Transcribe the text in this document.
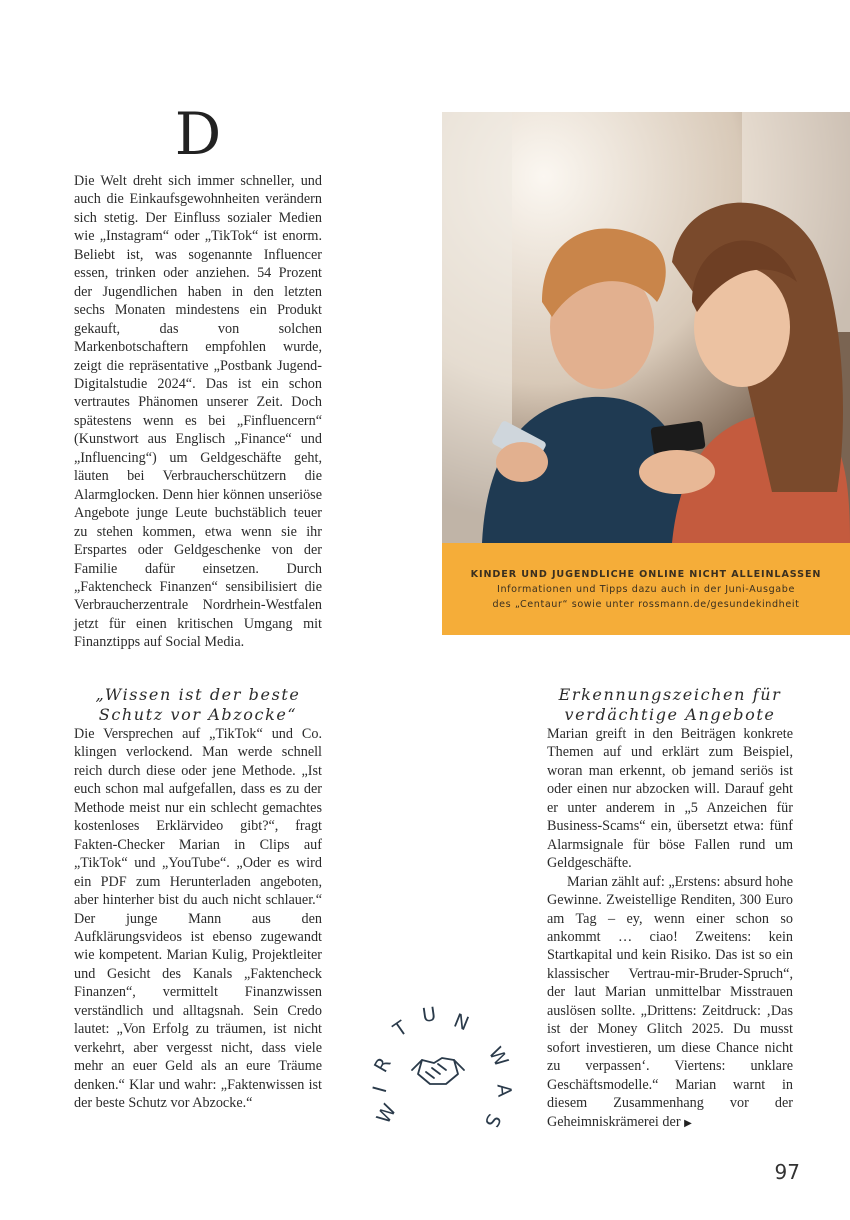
D

Die Welt dreht sich immer schneller, und auch die Einkaufsgewohnheiten verändern sich stetig. Der Einfluss sozialer Medien wie „Instagram“ oder „TikTok“ ist enorm. Beliebt ist, was sogenannte Influencer essen, trinken oder anziehen. 54 Prozent der Jugendlichen haben in den letzten sechs Monaten mindestens ein Produkt gekauft, das von solchen Markenbotschaftern empfohlen wurde, zeigt die repräsentative „Postbank Jugend-Digitalstudie 2024“. Das ist ein schon vertrautes Phänomen unserer Zeit. Doch spätestens wenn es bei „Finfluencern“ (Kunstwort aus Englisch „Finance“ und „Influencing“) um Geldgeschäfte geht, läuten bei Verbraucherschützern die Alarmglocken. Denn hier können unseriöse Angebote junge Leute buchstäblich teuer zu stehen kommen, etwa wenn sie ihr Erspartes oder Geldgeschenke von der Familie dafür einsetzen. Durch „Faktencheck Finanzen“ sensibilisiert die Verbraucherzentrale Nordrhein-Westfalen jetzt für einen kritischen Umgang mit Finanztipps auf Social Media.

„Wissen ist der beste Schutz vor Abzocke“

Die Versprechen auf „TikTok“ und Co. klingen verlockend. Man werde schnell reich durch diese oder jene Methode. „Ist euch schon mal aufgefallen, dass es zu der Methode meist nur ein schlecht gemachtes kostenloses Erklärvideo gibt?“, fragt Fakten-Checker Marian in Clips auf „TikTok“ und „YouTube“. „Oder es wird ein PDF zum Herunterladen angeboten, aber hinterher bist du auch nicht schlauer.“ Der junge Mann aus den Aufklärungsvideos ist ebenso zugewandt wie kompetent. Marian Kulig, Projektleiter und Gesicht des Kanals „Faktencheck Finanzen“, vermittelt Finanzwissen verständlich und alltagsnah. Sein Credo lautet: „Von Erfolg zu träumen, ist nicht verkehrt, aber vergesst nicht, dass viele mehr an euer Geld als an eure Träume denken.“ Klar und wahr: „Faktenwissen ist der beste Schutz vor Abzocke.“

KINDER UND JUGENDLICHE ONLINE NICHT ALLEINLASSEN
Informationen und Tipps dazu auch in der Juni-Ausgabe
des „Centaur“ sowie unter rossmann.de/gesundekindheit
Erkennungszeichen für verdächtige Angebote

Marian greift in den Beiträgen konkrete Themen auf und erklärt zum Beispiel, woran man erkennt, ob jemand seriös ist oder einen nur abzocken will. Darauf geht er unter anderem in „5 Anzeichen für Business-Scams“ ein, übersetzt etwa: fünf Alarmsignale für böse Fallen rund um Geldgeschäfte.

Marian zählt auf: „Erstens: absurd hohe Gewinne. Zweistellige Renditen, 300 Euro am Tag – ey, wenn einer schon so ankommt … ciao! Zweitens: kein Startkapital und kein Risiko. Das ist so ein klassischer Vertrau-mir-Bruder-Spruch“, der laut Marian unmittelbar Misstrauen auslösen sollte. „Drittens: Zeitdruck: ‚Das ist der Money Glitch 2025. Du musst sofort investieren, um diese Chance nicht zu verpassen‘. Viertens: unklare Geschäftsmodelle.“ Marian warnt in diesem Zusammenhang vor der Geheimniskrämerei der ▶

W
I
R
T
U N
W
A
S
97
